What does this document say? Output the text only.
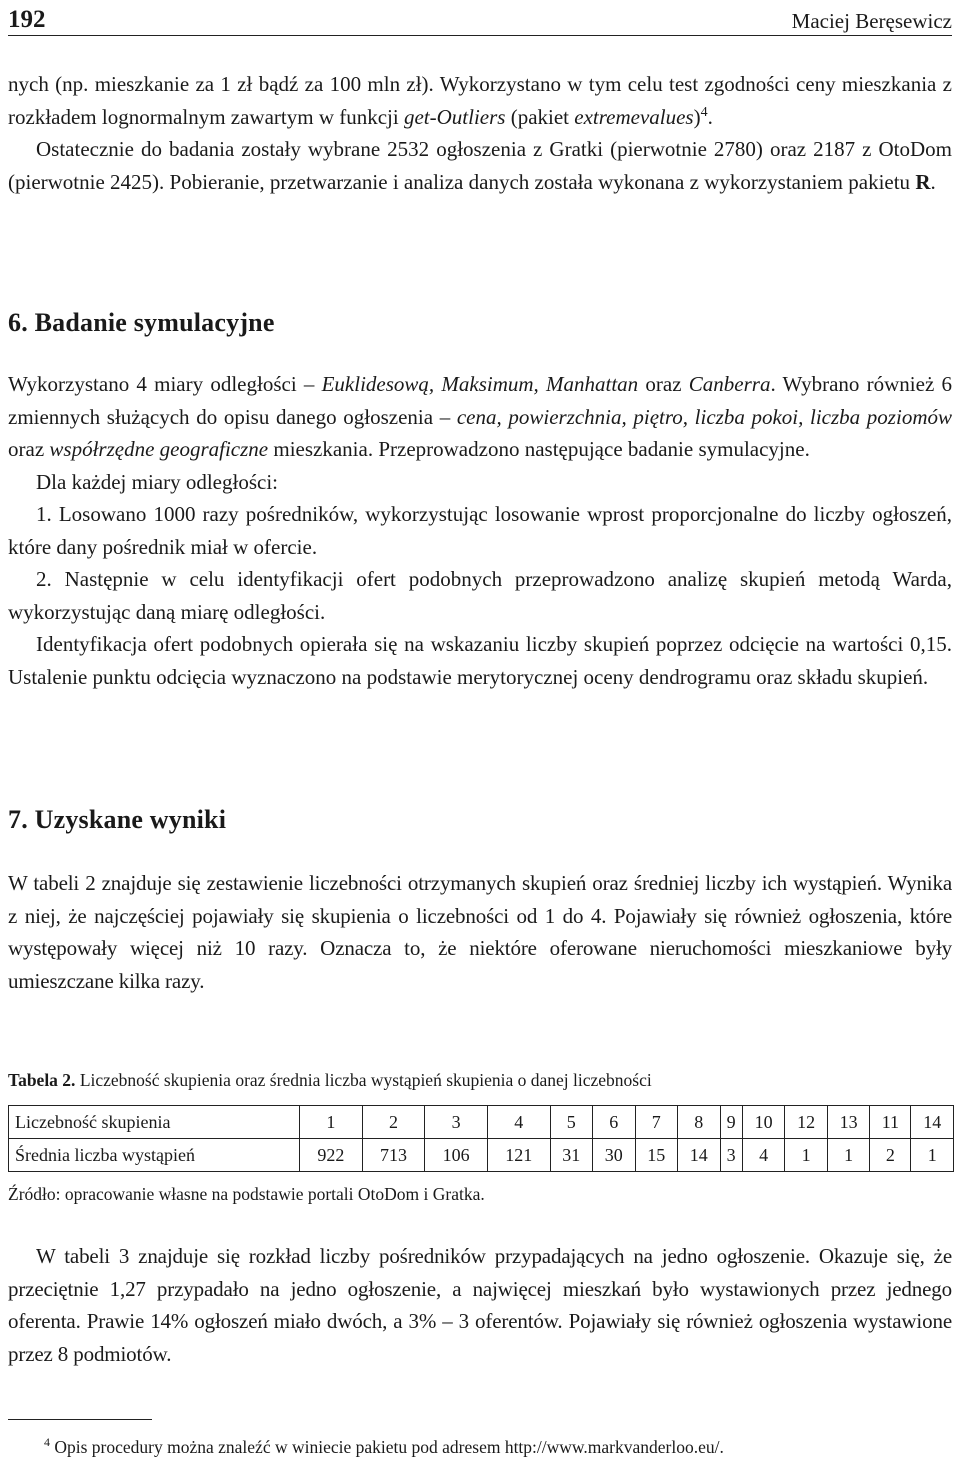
192	Maciej Beręsewicz

nych (np. mieszkanie za 1 zł bądź za 100 mln zł). Wykorzystano w tym celu test zgodności ceny mieszkania z rozkładem lognormalnym zawartym w funkcji get-Outliers (pakiet extremevalues)$^4$.

Ostatecznie do badania zostały wybrane 2532 ogłoszenia z Gratki (pierwotnie 2780) oraz 2187 z OtoDom (pierwotnie 2425). Pobieranie, przetwarzanie i analiza danych została wykonana z wykorzystaniem pakietu R.

6. Badanie symulacyjne

Wykorzystano 4 miary odległości – Euklidesową, Maksimum, Manhattan oraz Canberra. Wybrano również 6 zmiennych służących do opisu danego ogłoszenia – cena, powierzchnia, piętro, liczba pokoi, liczba poziomów oraz współrzędne geograficzne mieszkania. Przeprowadzono następujące badanie symulacyjne.

Dla każdej miary odległości:

1. Losowano 1000 razy pośredników, wykorzystując losowanie wprost proporcjonalne do liczby ogłoszeń, które dany pośrednik miał w ofercie.

2. Następnie w celu identyfikacji ofert podobnych przeprowadzono analizę skupień metodą Warda, wykorzystując daną miarę odległości.

Identyfikacja ofert podobnych opierała się na wskazaniu liczby skupień poprzez odcięcie na wartości 0,15. Ustalenie punktu odcięcia wyznaczono na podstawie merytorycznej oceny dendrogramu oraz składu skupień.

7. Uzyskane wyniki

W tabeli 2 znajduje się zestawienie liczebności otrzymanych skupień oraz średniej liczby ich wystąpień. Wynika z niej, że najczęściej pojawiały się skupienia o liczebności od 1 do 4. Pojawiały się również ogłoszenia, które występowały więcej niż 10 razy. Oznacza to, że niektóre oferowane nieruchomości mieszkaniowe były umieszczane kilka razy.

Tabela 2. Liczebność skupienia oraz średnia liczba wystąpień skupienia o danej liczebności
Liczebność skupienia	1	2	3	4	5	6	7	8	9	10	12	13	11	14
Średnia liczba wystąpień	922	713	106	121	31	30	15	14	3	4	1	1	2	1
Źródło: opracowanie własne na podstawie portali OtoDom i Gratka.

W tabeli 3 znajduje się rozkład liczby pośredników przypadających na jedno ogłoszenie. Okazuje się, że przeciętnie 1,27 przypadało na jedno ogłoszenie, a najwięcej mieszkań było wystawionych przez jednego oferenta. Prawie 14% ogłoszeń miało dwóch, a 3% – 3 oferentów. Pojawiały się również ogłoszenia wystawione przez 8 podmiotów.

$^4$ Opis procedury można znaleźć w winiecie pakietu pod adresem http://www.markvanderloo.eu/.
